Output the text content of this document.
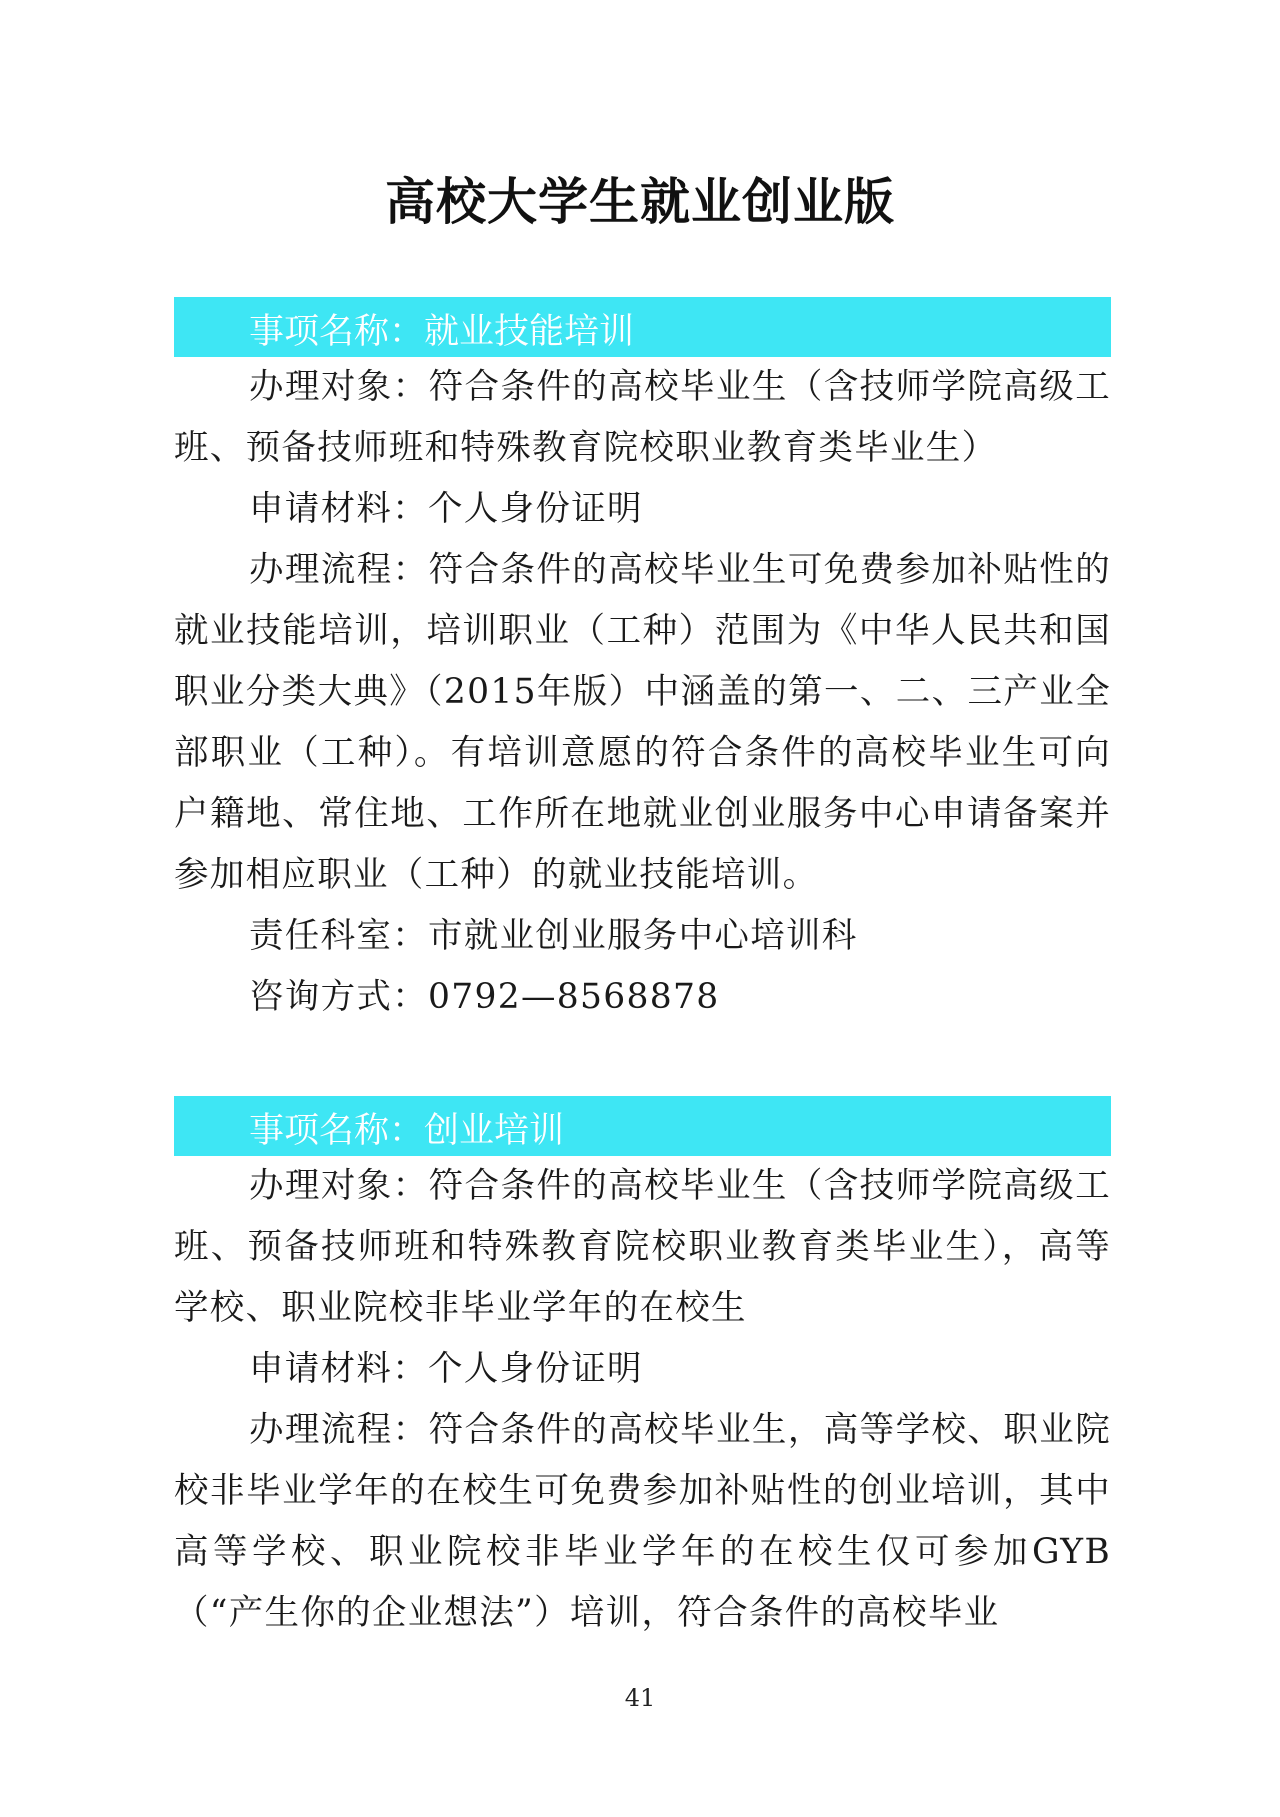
高校大学生就业创业版
事项名称：就业技能培训

办理对象：符合条件的高校毕业生（含技师学院高级工班、预备技师班和特殊教育院校职业教育类毕业生）

申请材料：个人身份证明

办理流程：符合条件的高校毕业生可免费参加补贴性的就业技能培训，培训职业（工种）范围为《中华人民共和国职业分类大典》（2015年版）中涵盖的第一、二、三产业全部职业（工种）。有培训意愿的符合条件的高校毕业生可向户籍地、常住地、工作所在地就业创业服务中心申请备案并参加相应职业（工种）的就业技能培训。

责任科室：市就业创业服务中心培训科

咨询方式：0792—8568878

事项名称：创业培训

办理对象：符合条件的高校毕业生（含技师学院高级工班、预备技师班和特殊教育院校职业教育类毕业生），高等学校、职业院校非毕业学年的在校生

申请材料：个人身份证明

办理流程：符合条件的高校毕业生，高等学校、职业院校非毕业学年的在校生可免费参加补贴性的创业培训，其中高等学校、职业院校非毕业学年的在校生仅可参加GYB（“产生你的企业想法”）培训，符合条件的高校毕业

41
